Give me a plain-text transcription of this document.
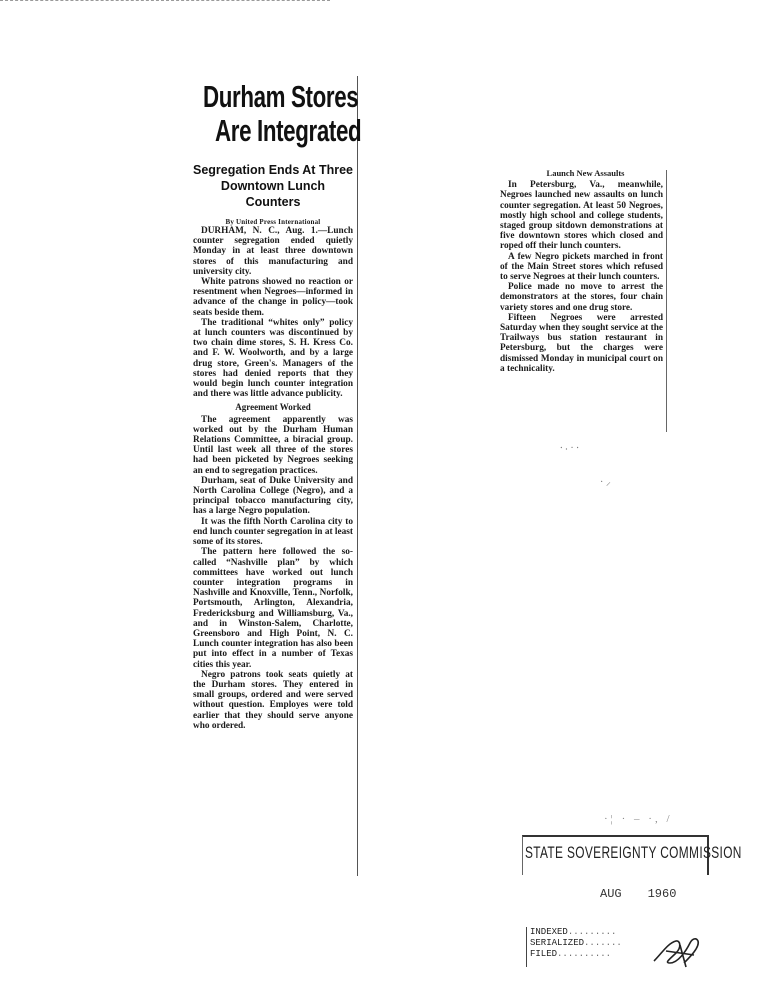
Durham Stores
Are Integrated
Segregation Ends At Three Downtown Lunch Counters
By United Press International

DURHAM, N. C., Aug. 1.—Lunch counter segregation ended quietly Monday in at least three downtown stores of this manufacturing and university city.

White patrons showed no reaction or resentment when Negroes—informed in advance of the change in policy—took seats beside them.

The traditional “whites only” policy at lunch counters was discontinued by two chain dime stores, S. H. Kress Co. and F. W. Woolworth, and by a large drug store, Green's. Managers of the stores had denied reports that they would begin lunch counter integration and there was little advance publicity.

Agreement Worked

The agreement apparently was worked out by the Durham Human Relations Committee, a biracial group. Until last week all three of the stores had been picketed by Negroes seeking an end to segregation practices.

Durham, seat of Duke University and North Carolina College (Negro), and a principal tobacco manufacturing city, has a large Negro population.

It was the fifth North Carolina city to end lunch counter segregation in at least some of its stores.

The pattern here followed the so-called “Nashville plan” by which committees have worked out lunch counter integration programs in Nashville and Knoxville, Tenn., Norfolk, Portsmouth, Arlington, Alexandria, Fredericksburg and Williamsburg, Va., and in Winston-Salem, Charlotte, Greensboro and High Point, N. C. Lunch counter integration has also been put into effect in a number of Texas cities this year.

Negro patrons took seats quietly at the Durham stores. They entered in small groups, ordered and were served without question. Employes were told earlier that they should serve anyone who ordered.

Launch New Assaults

In Petersburg, Va., meanwhile, Negroes launched new assaults on lunch counter segregation. At least 50 Negroes, mostly high school and college students, staged group sitdown demonstrations at five downtown stores which closed and roped off their lunch counters.

A few Negro pickets marched in front of the Main Street stores which refused to serve Negroes at their lunch counters.

Police made no move to arrest the demonstrators at the stores, four chain variety stores and one drug store.

Fifteen Negroes were arrested Saturday when they sought service at the Trailways bus station restaurant in Petersburg, but the charges were dismissed Monday in municipal court on a technicality.

⸱ ⸳ · ⸱
· ⸝
·¦ · – ·, /
STATE SOVEREIGNTY COMMISSION
AUG 1960
INDEXED.........
SERIALIZED.......
FILED..........
